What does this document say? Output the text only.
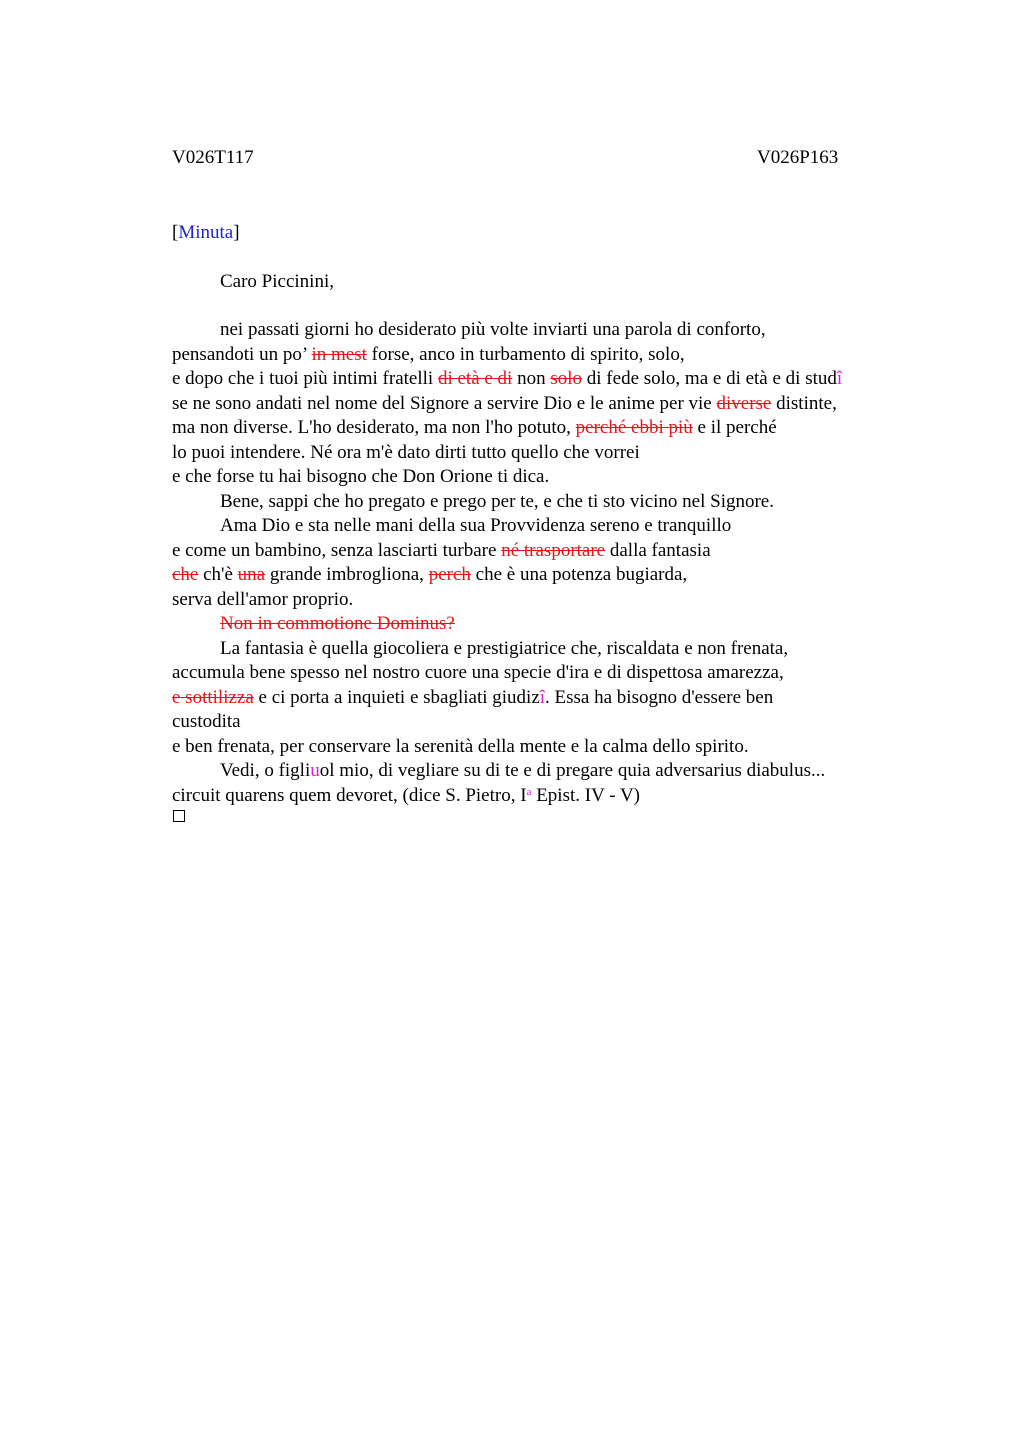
V026T117	V026P163
[Minuta]
Caro Piccinini,
nei passati giorni ho desiderato più volte inviarti una parola di conforto,
pensandoti un po’ in mest forse, anco in turbamento di spirito, solo,
e dopo che i tuoi più intimi fratelli di età e di non solo di fede solo, ma e di età e di studî
se ne sono andati nel nome del Signore a servire Dio e le anime per vie diverse distinte,
ma non diverse. L'ho desiderato, ma non l'ho potuto, perché ebbi più e il perché
lo puoi intendere. Né ora m'è dato dirti tutto quello che vorrei
e che forse tu hai bisogno che Don Orione ti dica.
Bene, sappi che ho pregato e prego per te, e che ti sto vicino nel Signore.
Ama Dio e sta nelle mani della sua Provvidenza sereno e tranquillo
e come un bambino, senza lasciarti turbare né trasportare dalla fantasia
che ch'è una grande imbrogliona, perch che è una potenza bugiarda,
serva dell'amor proprio.
Non in commotione Dominus?
La fantasia è quella giocoliera e prestigiatrice che, riscaldata e non frenata,
accumula bene spesso nel nostro cuore una specie d'ira e di dispettosa amarezza,
e sottilizza e ci porta a inquieti e sbagliati giudizî. Essa ha bisogno d'essere ben
custodita
e ben frenata, per conservare la serenità della mente e la calma dello spirito.
Vedi, o figliuol mio, di vegliare su di te e di pregare quia adversarius diabulus...
circuit quarens quem devoret, (dice S. Pietro, $I^a$ Epist. IV - V)
